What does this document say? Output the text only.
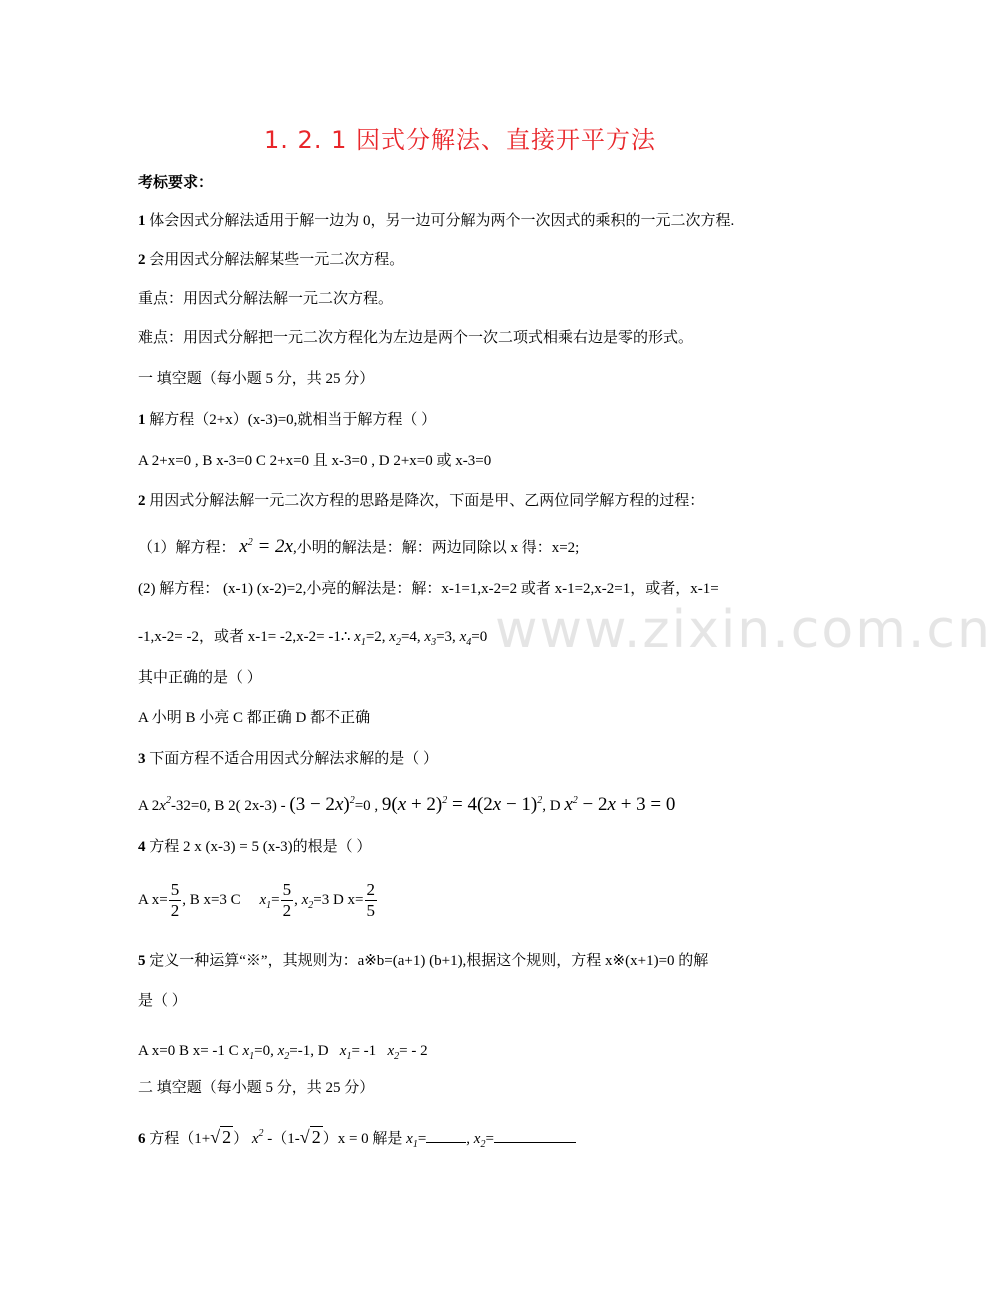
1. 2. 1 因式分解法、直接开平方法
考标要求：
1 体会因式分解法适用于解一边为 0，另一边可分解为两个一次因式的乘积的一元二次方程.
2 会用因式分解法解某些一元二次方程。
重点：用因式分解法解一元二次方程。
难点：用因式分解把一元二次方程化为左边是两个一次二项式相乘右边是零的形式。
一 填空题（每小题 5 分，共 25 分）
1 解方程（2+x）(x-3)=0,就相当于解方程（ ）
A 2+x=0 , B x-3=0 C 2+x=0 且 x-3=0 , D 2+x=0 或 x-3=0
2 用因式分解法解一元二次方程的思路是降次，下面是甲、乙两位同学解方程的过程：
（1）解方程： $x^2 = 2x$,小明的解法是：解：两边同除以 x 得：x=2;
(2) 解方程： (x-1) (x-2)=2,小亮的解法是：解：x-1=1,x-2=2 或者 x-1=2,x-2=1，或者，x-1=
-1,x-2= -2，或者 x-1= -2,x-2= -1∴ $x_1=2$, $x_2=4$, $x_3=3$, $x_4=0$
其中正确的是（ ）
A 小明 B 小亮 C 都正确 D 都不正确
3 下面方程不适合用因式分解法求解的是（ ）
A $2x^2-32=0$, B 2( $2x-3) - (3 - 2x)^2=0$ , $9(x + 2)^2 = 4(2x - 1)^2$, D $x^2 - 2x + 3 = 0$
4 方程 2 x (x-3) = 5 (x-3)的根是（ ）
A $x= \frac{5}{2}$ , B x=3 C     $x_1= \frac{5}{2}$ , $x_2=3$ D $x= \frac{2}{5}$
5 定义一种运算“※”，其规则为：a※b=(a+1) (b+1),根据这个规则，方程 x※(x+1)=0 的解
是（ ）
A x=0 B x= -1 C $x_1=0$, $x_2=-1$, D   $x_1= -1$   $x_2= - 2$
二 填空题（每小题 5 分，共 25 分）
6 方程（1+√ 2 ） $x^2$ -（1-√ 2 ）x = 0 解是 $x_1=$	, $x_2=$
www.zixin.com.cn
